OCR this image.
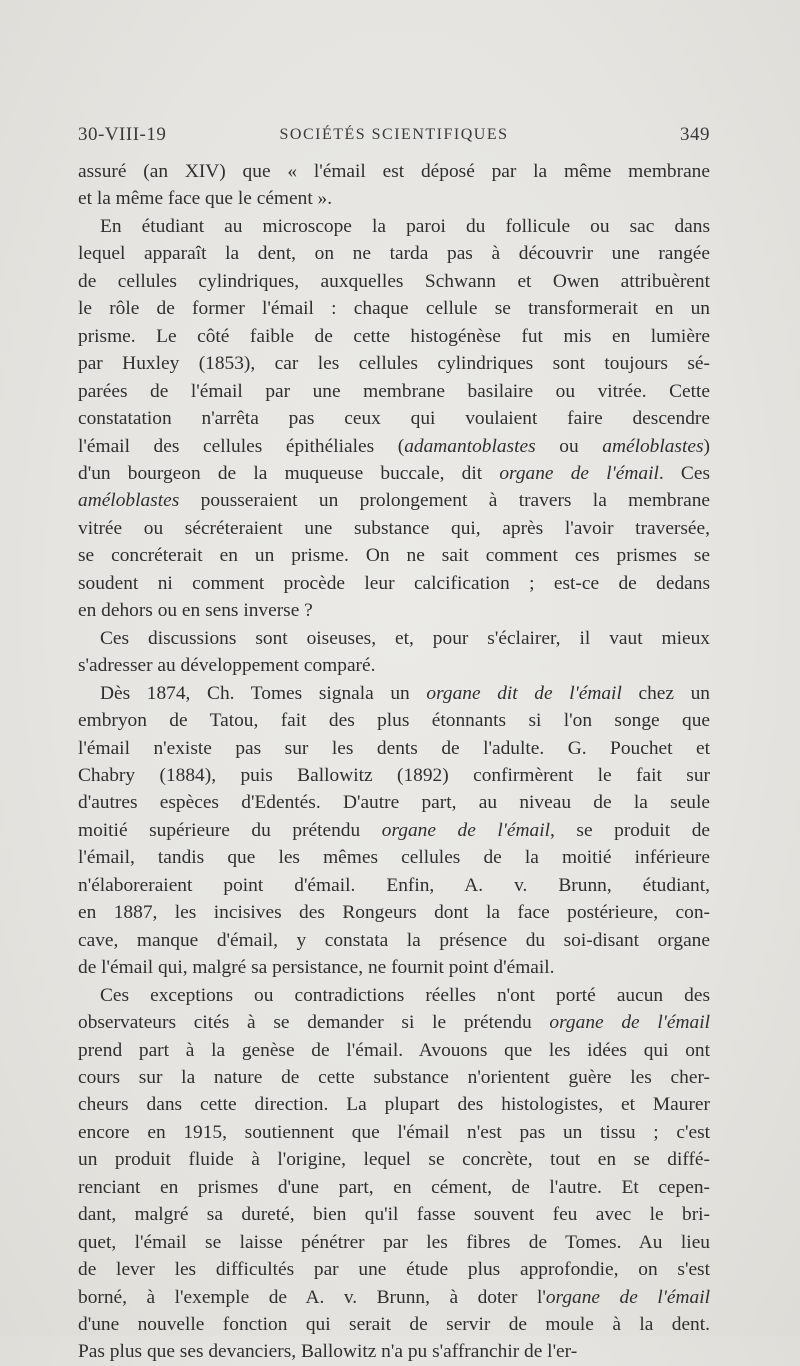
30-VIII-19	SOCIÉTÉS SCIENTIFIQUES	349

assuré (an XIV) que « l'émail est déposé par la même membrane
et la même face que le cément ».

En étudiant au microscope la paroi du follicule ou sac dans
lequel apparaît la dent, on ne tarda pas à découvrir une rangée
de cellules cylindriques, auxquelles Schwann et Owen attribuèrent
le rôle de former l'émail : chaque cellule se transformerait en un
prisme. Le côté faible de cette histogénèse fut mis en lumière
par Huxley (1853), car les cellules cylindriques sont toujours sé-
parées de l'émail par une membrane basilaire ou vitrée. Cette
constatation n'arrêta pas ceux qui voulaient faire descendre
l'émail des cellules épithéliales (adamantoblastes ou améloblastes)
d'un bourgeon de la muqueuse buccale, dit organe de l'émail. Ces
améloblastes pousseraient un prolongement à travers la membrane
vitrée ou sécréteraient une substance qui, après l'avoir traversée,
se concréterait en un prisme. On ne sait comment ces prismes se
soudent ni comment procède leur calcification ; est-ce de dedans
en dehors ou en sens inverse ?

Ces discussions sont oiseuses, et, pour s'éclairer, il vaut mieux
s'adresser au développement comparé.

Dès 1874, Ch. Tomes signala un organe dit de l'émail chez un
embryon de Tatou, fait des plus étonnants si l'on songe que
l'émail n'existe pas sur les dents de l'adulte. G. Pouchet et
Chabry (1884), puis Ballowitz (1892) confirmèrent le fait sur
d'autres espèces d'Edentés. D'autre part, au niveau de la seule
moitié supérieure du prétendu organe de l'émail, se produit de
l'émail, tandis que les mêmes cellules de la moitié inférieure
n'élaboreraient point d'émail. Enfin, A. v. Brunn, étudiant,
en 1887, les incisives des Rongeurs dont la face postérieure, con-
cave, manque d'émail, y constata la présence du soi-disant organe
de l'émail qui, malgré sa persistance, ne fournit point d'émail.

Ces exceptions ou contradictions réelles n'ont porté aucun des
observateurs cités à se demander si le prétendu organe de l'émail
prend part à la genèse de l'émail. Avouons que les idées qui ont
cours sur la nature de cette substance n'orientent guère les cher-
cheurs dans cette direction. La plupart des histologistes, et Maurer
encore en 1915, soutiennent que l'émail n'est pas un tissu ; c'est
un produit fluide à l'origine, lequel se concrète, tout en se diffé-
renciant en prismes d'une part, en cément, de l'autre. Et cepen-
dant, malgré sa dureté, bien qu'il fasse souvent feu avec le bri-
quet, l'émail se laisse pénétrer par les fibres de Tomes. Au lieu
de lever les difficultés par une étude plus approfondie, on s'est
borné, à l'exemple de A. v. Brunn, à doter l'organe de l'émail
d'une nouvelle fonction qui serait de servir de moule à la dent.
Pas plus que ses devanciers, Ballowitz n'a pu s'affranchir de l'er-
